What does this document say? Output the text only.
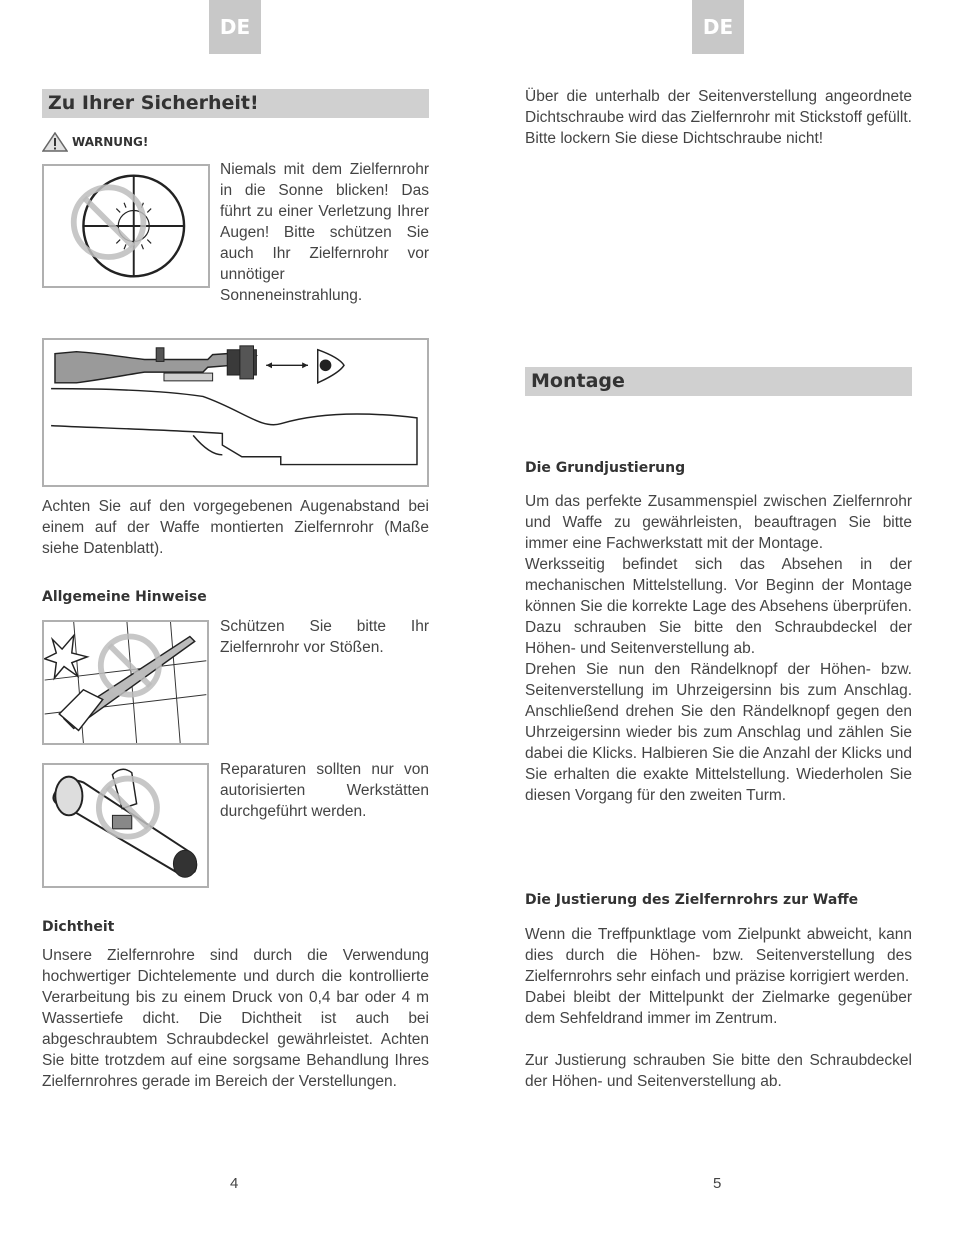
DE
Zu Ihrer Sicherheit!
WARNUNG!

Niemals mit dem Zielfernrohr in die Sonne blicken! Das führt zu einer Verletzung Ihrer Augen! Bitte schützen Sie auch Ihr Zielfernrohr vor unnötiger Sonneneinstrahlung.

Achten Sie auf den vorgegebenen Augenabstand bei einem auf der Waffe montierten Zielfernrohr (Maße siehe Datenblatt).

Allgemeine Hinweise

Schützen Sie bitte Ihr Zielfernrohr vor Stößen.

Reparaturen sollten nur von autorisierten Werkstätten durchgeführt werden.

Dichtheit

Unsere Zielfernrohre sind durch die Verwendung hochwertiger Dichtelemente und durch die kontrollierte Verarbeitung bis zu einem Druck von 0,4 bar oder 4 m Wassertiefe dicht. Die Dichtheit ist auch bei abgeschraubtem Schraubdeckel gewährleistet. Achten Sie bitte trotzdem auf eine sorgsame Behandlung Ihres Zielfernrohres gerade im Bereich der Verstellungen.

4
DE

Über die unterhalb der Seitenverstellung angeordnete Dichtschraube wird das Zielfernrohr mit Stickstoff gefüllt. Bitte lockern Sie diese Dichtschraube nicht!

Montage
Die Grundjustierung

Um das perfekte Zusammenspiel zwischen Zielfernrohr und Waffe zu gewährleisten, beauftragen Sie bitte immer eine Fachwerkstatt mit der Montage.

Werksseitig befindet sich das Absehen in der mechanischen Mittelstellung. Vor Beginn der Montage können Sie die korrekte Lage des Absehens überprüfen. Dazu schrauben Sie bitte den Schraubdeckel der Höhen- und Seitenverstellung ab.

Drehen Sie nun den Rändelknopf der Höhen- bzw. Seitenverstellung im Uhrzeigersinn bis zum Anschlag. Anschließend drehen Sie den Rändelknopf gegen den Uhrzeigersinn wieder bis zum Anschlag und zählen Sie dabei die Klicks. Halbieren Sie die Anzahl der Klicks und Sie erhalten die exakte Mittelstellung. Wiederholen Sie diesen Vorgang für den zweiten Turm.

Die Justierung des Zielfernrohrs zur Waffe

Wenn die Treffpunktlage vom Zielpunkt abweicht, kann dies durch die Höhen- bzw. Seitenverstellung des Zielfernrohrs sehr einfach und präzise korrigiert werden.

Dabei bleibt der Mittelpunkt der Zielmarke gegenüber dem Sehfeldrand immer im Zentrum.

Zur Justierung schrauben Sie bitte den Schraubdeckel der Höhen- und Seitenverstellung ab.

5
